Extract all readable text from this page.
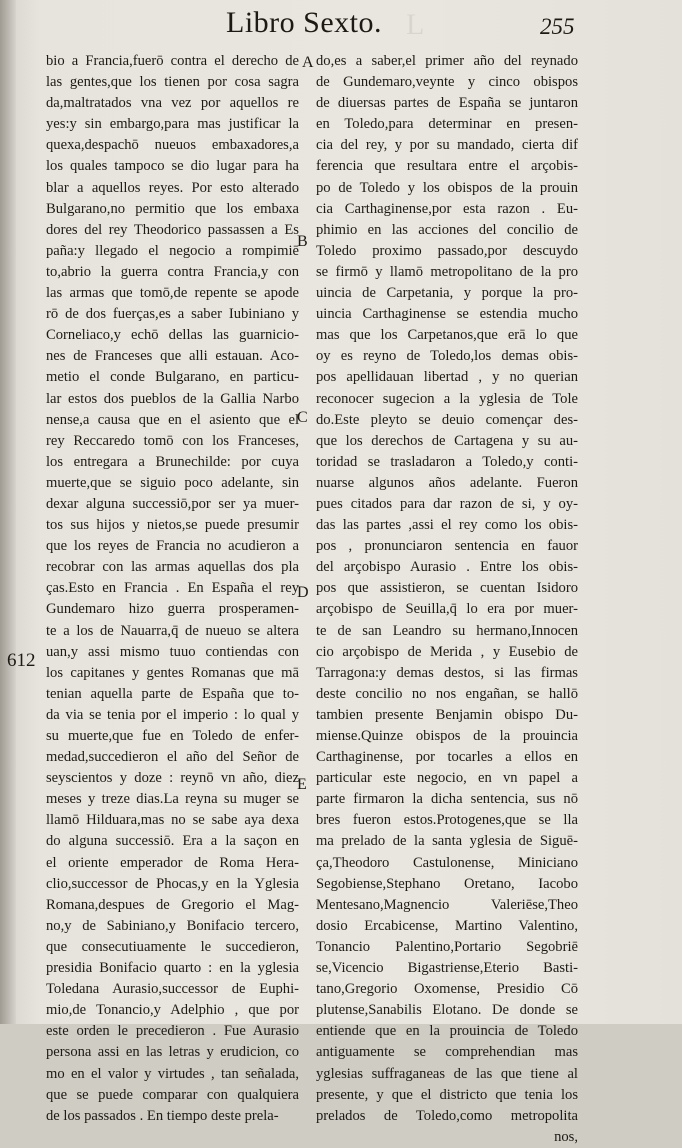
Libro Sexto. L	255
612
bio a Francia,fuerō contra el derecho de
las gentes,que los tienen por cosa sagra
da,maltratados vna vez por aquellos re
yes:y sin embargo,para mas justificar la
quexa,despachō nueuos embaxadores,a
los quales tampoco se dio lugar para ha
blar a aquellos reyes. Por esto alterado
Bulgarano,no permitio que los embaxa
dores del rey Theodorico passassen a Es
paña:y llegado el negocio a rompimiē
to,abrio la guerra contra Francia,y con
las armas que tomō,de repente se apode
rō de dos fuerças,es a saber Iubiniano y
Corneliaco,y echō dellas las guarnicio-
nes de Franceses que alli estauan. Aco-
metio el conde Bulgarano, en particu-
lar estos dos pueblos de la Gallia Narbo
nense,a causa que en el asiento que el
rey Reccaredo tomō con los Franceses,
los entregara a Brunechilde: por cuya
muerte,que se siguio poco adelante, sin
dexar alguna successiō,por ser ya muer-
tos sus hijos y nietos,se puede presumir
que los reyes de Francia no acudieron a
recobrar con las armas aquellas dos pla
ças.Esto en Francia . En España el rey
Gundemaro hizo guerra prosperamen-
te a los de Nauarra,q̄ de nueuo se altera
uan,y assi mismo tuuo contiendas con
los capitanes y gentes Romanas que mā
tenian aquella parte de España que to-
da via se tenia por el imperio : lo qual y
su muerte,que fue en Toledo de enfer-
medad,succedieron el año del Señor de
seyscientos y doze : reynō vn año, diez
meses y treze dias.La reyna su muger se
llamō Hilduara,mas no se sabe aya dexa
do alguna successiō. Era a la saçon en
el oriente emperador de Roma Hera-
clio,successor de Phocas,y en la Yglesia
Romana,despues de Gregorio el Mag-
no,y de Sabiniano,y Bonifacio tercero,
que consecutiuamente le succedieron,
presidia Bonifacio quarto : en la yglesia
Toledana Aurasio,successor de Euphi-
mio,de Tonancio,y Adelphio , que por
este orden le precedieron . Fue Aurasio
persona assi en las letras y erudicion, co
mo en el valor y virtudes , tan señalada,
que se puede comparar con qualquiera
de los passados . En tiempo deste prela-
do,es a saber,el primer año del reynado
de Gundemaro,veynte y cinco obispos
de diuersas partes de España se juntaron
en Toledo,para determinar en presen-
cia del rey, y por su mandado, cierta dif
ferencia que resultara entre el arçobis-
po de Toledo y los obispos de la prouin
cia Carthaginense,por esta razon . Eu-
phimio en las acciones del concilio de
Toledo proximo passado,por descuydo
se firmō y llamō metropolitano de la pro
uincia de Carpetania, y porque la pro-
uincia Carthaginense se estendia mucho
mas que los Carpetanos,que erā lo que
oy es reyno de Toledo,los demas obis-
pos apellidauan libertad , y no querian
reconocer sugecion a la yglesia de Tole
do.Este pleyto se deuio començar des-
que los derechos de Cartagena y su au-
toridad se trasladaron a Toledo,y conti-
nuarse algunos años adelante. Fueron
pues citados para dar razon de si, y oy-
das las partes ,assi el rey como los obis-
pos , pronunciaron sentencia en fauor
del arçobispo Aurasio . Entre los obis-
pos que assistieron, se cuentan Isidoro
arçobispo de Seuilla,q̄ lo era por muer-
te de san Leandro su hermano,Innocen
cio arçobispo de Merida , y Eusebio de
Tarragona:y demas destos, si las firmas
deste concilio no nos engañan, se hallō
tambien presente Benjamin obispo Du-
miense.Quinze obispos de la prouincia
Carthaginense, por tocarles a ellos en
particular este negocio, en vn papel a
parte firmaron la dicha sentencia, sus nō
bres fueron estos.Protogenes,que se lla
ma prelado de la santa yglesia de Siguē-
ça,Theodoro Castulonense, Miniciano
Segobiense,Stephano Oretano, Iacobo
Mentesano,Magnencio Valeriēse,Theo
dosio Ercabicense, Martino Valentino,
Tonancio Palentino,Portario Segobriē
se,Vicencio Bigastriense,Eterio Basti-
tano,Gregorio Oxomense, Presidio Cō
plutense,Sanabilis Elotano. De donde se
entiende que en la prouincia de Toledo
antiguamente se comprehendian mas
yglesias suffraganeas de las que tiene al
presente, y que el districto que tenia los
prelados de Toledo,como metropolita
nos,
A
B
C
D
E
